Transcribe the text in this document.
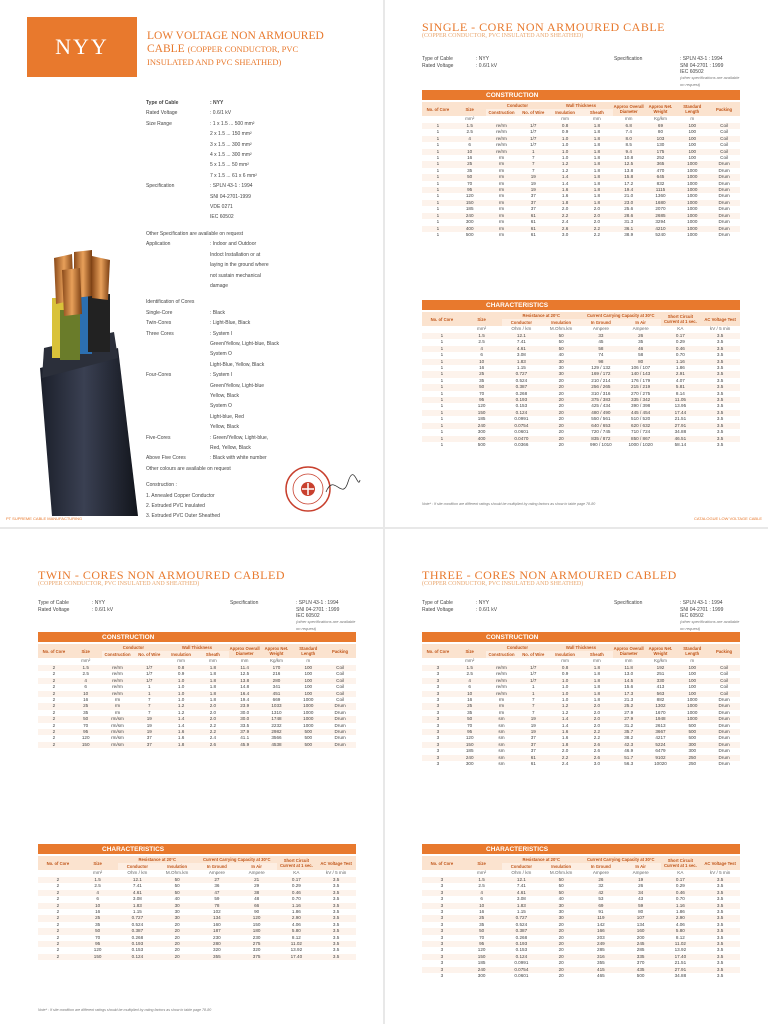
NYY	LOW VOLTAGE NON ARMOURED
CABLE (COPPER CONDUCTOR, PVC
INSULATED AND PVC SHEATHED)
Type of Cable	: NYY
Rated Voltage	: 0.6/1 kV
Size Range	: 1 x 1.5 ... 500 mm²
2 x 1.5 ... 150 mm²
3 x 1.5 ... 300 mm²
4 x 1.5 ... 300 mm²
5 x 1.5 ... 50 mm²
7 x 1.5 ... 61 x 6 mm²
Specification	: SPLN 43-1 : 1994
SNI 04-2701-1999
VDE 0271
IEC 60502
Other Specification are available on request
Application	: Indoor and Outdoor
Indoct Installation or at
laying in the ground where
not sustain mechanical
damage
Identification of Cores
Single-Core	: Black
Twin-Cores	: Light-Blue, Black
Three Cores	: System I
Green/Yellow, Light-blue, Black
System O
Light-Blue, Yellow, Black
Four-Cores	: System I
Green/Yellow, Light-blue
Yellow, Black
System O
Light-blue, Red
Yellow, Black
Five-Cores	: Green/Yellow, Light-blue,
Red, Yellow, Black
Above Five Cores	: Black with white number
Other colours are available on request
Construction :
1. Annealed Copper Conductor
2. Extruded PVC Insulated
3. Extruded PVC Outer Sheathed
PT SUPREME CABLE MANUFACTURING
SINGLE - CORE NON ARMOURED CABLE
(COPPER CONDUCTOR, PVC INSULATED AND SHEATHED)
Type of Cable	: NYY
Rated Voltage	: 0.6/1 kV
Specification	: SPLN 43-1 : 1994
SNI 04-2701 : 1999
IEC 60502
(other specifications are available on request)
CONSTRUCTION
No. of Core	Size	Conductor		Wall Thickness		Approx Overall Diameter	Approx Net. Weight	Standard Length	Packing
		Construction	No. of Wire	Insulation	Sheath				
	mm²			mm	mm	mm	Kg/km	m	
1	1.5	re/rm	1/7	0.8	1.8	6.8	69	100	Coil
1	2.5	re/rm	1/7	0.9	1.8	7.4	80	100	Coil
1	4	re/rm	1/7	1.0	1.8	8.0	103	100	Coil
1	6	re/rm	1/7	1.0	1.8	8.5	130	100	Coil
1	10	re/rm	1	1.0	1.8	9.4	175	100	Coil
1	16	rm	7	1.0	1.8	10.8	252	100	Coil
1	25	rm	7	1.2	1.8	12.5	365	1000	Drum
1	35	rm	7	1.2	1.8	13.8	470	1000	Drum
1	50	rm	19	1.4	1.8	15.8	645	1000	Drum
1	70	rm	19	1.4	1.8	17.2	832	1000	Drum
1	95	rm	19	1.6	1.8	19.4	1115	1000	Drum
1	120	rm	37	1.6	1.8	21.0	1360	1000	Drum
1	150	rm	37	1.8	1.8	23.0	1680	1000	Drum
1	185	rm	37	2.0	2.0	25.6	2070	1000	Drum
1	240	rm	61	2.2	2.0	28.6	2685	1000	Drum
1	300	rm	61	2.4	2.0	31.3	3294	1000	Drum
1	400	rm	61	2.6	2.2	36.1	4210	1000	Drum
1	500	rm	61	3.0	2.2	38.9	5240	1000	Drum
CHARACTERISTICS
No. of Core	Size	Resistance at 20°C		Current Carrying Capacity at 30°C		Short Circuit Current at 1 sec.	AC Voltage Test
		Conductor	Insulation	In Ground	In Air		
	mm²	Ohm / km	M.Ohm.km	Ampere	Ampere	KA	kV / 5 min
1	1.5	12.1	50	33	26	0.17	3.5
1	2.5	7.41	50	45	35	0.29	3.5
1	4	4.61	50	58	46	0.46	3.5
1	6	3.08	40	74	58	0.70	3.5
1	10	1.83	30	98	80	1.16	3.5
1	16	1.15	30	129 / 132	106 / 107	1.86	3.5
1	25	0.727	30	169 / 172	140 / 143	2.91	3.5
1	35	0.524	20	210 / 214	176 / 179	4.07	3.5
1	50	0.387	20	256 / 265	215 / 219	5.81	3.5
1	70	0.268	20	310 / 316	270 / 275	8.14	3.5
1	95	0.193	20	375 / 383	335 / 342	11.05	3.5
1	120	0.153	20	425 / 434	390 / 398	13.95	3.5
1	150	0.124	20	480 / 490	445 / 454	17.44	3.5
1	185	0.0991	20	550 / 561	510 / 520	21.51	3.5
1	240	0.0754	20	640 / 653	620 / 632	27.91	3.5
1	300	0.0601	20	720 / 745	710 / 724	34.88	3.5
1	400	0.0470	20	835 / 872	850 / 867	46.51	3.5
1	500	0.0366	20	990 / 1010	1000 / 1020	58.14	3.5
Note* : If site condition are different ratings should be multiplied by rating factors as show in table page 78-80
CATALOGUE LOW VOLTAGE CABLE
TWIN - CORES NON ARMOURED CABLED
(COPPER CONDUCTOR, PVC INSULATED AND SHEATHED)
Type of Cable	: NYY
Rated Voltage	: 0.6/1 kV
Specification	: SPLN 43-1 : 1994
SNI 04-2701 : 1999
IEC 60502
(other specifications are available on request)
CONSTRUCTION
No. of Core	Size	Conductor		Wall Thickness		Approx Overall Diameter	Approx Net. Weight	Standard Length	Packing
		Construction	No. of Wire	Insulation	Sheath				
	mm²			mm	mm	mm	Kg/km	m	
2	1.5	re/rm	1/7	0.8	1.8	11.4	170	100	Coil
2	2.5	re/rm	1/7	0.9	1.8	12.5	216	100	Coil
2	4	re/rm	1/7	1.0	1.8	13.8	280	100	Coil
2	6	re/rm	1	1.0	1.8	14.8	341	100	Coil
2	10	re/rm	1	1.0	1.8	16.4	451	100	Coil
2	16	rm	7	1.0	1.8	19.4	669	1000	Coil
2	25	rm	7	1.2	2.0	23.9	1033	1000	Drum
2	35	rm	7	1.2	2.0	30.0	1310	1000	Drum
2	50	rm/sm	19	1.4	2.0	30.0	1748	1000	Drum
2	70	rm/sm	19	1.4	2.2	33.5	2232	1000	Drum
2	95	rm/sm	19	1.6	2.2	37.9	2982	500	Drum
2	120	rm/sm	37	1.6	2.4	41.1	3566	500	Drum
2	150	rm/sm	37	1.8	2.6	45.9	4538	500	Drum
CHARACTERISTICS
No. of Core	Size	Resistance at 20°C		Current Carrying Capacity at 30°C		Short Circuit Current at 1 sec.	AC Voltage Test
		Conductor	Insulation	In Ground	In Air		
	mm²	Ohm / km	M.Ohm.km	Ampere	Ampere	KA	kV / 5 min
2	1.5	12.1	50	27	21	0.17	3.5
2	2.5	7.41	50	36	29	0.29	3.5
2	4	4.61	50	47	38	0.46	3.5
2	6	3.08	40	59	48	0.70	3.5
2	10	1.83	30	78	66	1.16	3.5
2	16	1.15	30	102	90	1.86	3.5
2	25	0.727	30	134	120	2.90	3.5
2	35	0.524	20	160	150	4.06	3.5
2	50	0.387	20	187	180	5.80	3.5
2	70	0.268	20	230	230	8.12	3.5
2	95	0.193	20	280	275	11.02	3.5
2	120	0.153	20	320	320	13.92	3.5
2	150	0.124	20	355	375	17.40	3.5
Note* : If site condition are different ratings should be multiplied by rating factors as show in table page 78-80
THREE - CORES NON ARMOURED CABLED
(COPPER CONDUCTOR, PVC INSULATED AND SHEATHED)
Type of Cable	: NYY
Rated Voltage	: 0.6/1 kV
Specification	: SPLN 43-1 : 1994
SNI 04-2701 : 1999
IEC 60502
(other specifications are available on request)
CONSTRUCTION
No. of Core	Size	Conductor		Wall Thickness		Approx Overall Diameter	Approx Net. Weight	Standard Length	Packing
		Construction	No. of Wire	Insulation	Sheath				
	mm²			mm	mm	mm	Kg/km	m	
3	1.5	re/rm	1/7	0.8	1.8	11.8	192	100	Coil
3	2.5	re/rm	1/7	0.9	1.8	13.0	251	100	Coil
3	4	re/rm	1/7	1.0	1.8	14.5	330	100	Coil
3	6	re/rm	1	1.0	1.8	15.6	413	100	Coil
3	10	re/rm	1	1.0	1.8	17.3	563	100	Coil
3	16	rm	7	1.0	1.8	21.3	882	1000	Drum
3	25	rm	7	1.2	2.0	25.2	1302	1000	Drum
3	35	rm	7	1.2	2.0	27.9	1670	1000	Drum
3	50	sm	19	1.4	2.0	27.9	1948	1000	Drum
3	70	sm	19	1.4	2.0	31.2	2613	500	Drum
3	95	sm	19	1.6	2.2	35.7	3667	500	Drum
3	120	sm	37	1.6	2.2	38.2	4217	500	Drum
3	150	sm	37	1.8	2.6	42.3	5224	300	Drum
3	185	sm	37	2.0	2.6	46.9	6479	300	Drum
3	240	sm	61	2.2	2.6	51.7	9102	250	Drum
3	300	sm	61	2.4	3.0	56.3	10020	250	Drum
CHARACTERISTICS
No. of Core	Size	Resistance at 20°C		Current Carrying Capacity at 30°C		Short Circuit Current at 1 sec.	AC Voltage Test
		Conductor	Insulation	In Ground	In Air		
	mm²	Ohm / km	M.Ohm.km	Ampere	Ampere	KA	kV / 5 min
3	1.5	12.1	50	26	19	0.17	3.5
3	2.5	7.41	50	32	26	0.29	3.5
3	4	4.61	50	42	34	0.46	3.5
3	6	3.08	40	53	43	0.70	3.5
3	10	1.83	30	69	59	1.16	3.5
3	16	1.15	30	91	80	1.86	3.5
3	25	0.727	30	119	107	2.90	3.5
3	35	0.524	20	142	134	4.06	3.5
3	50	0.387	20	166	160	5.80	3.5
3	70	0.268	20	203	200	8.12	3.5
3	95	0.193	20	249	245	11.02	3.5
3	120	0.153	20	285	285	13.92	3.5
3	150	0.124	20	316	335	17.40	3.5
3	185	0.0991	20	355	370	21.51	3.5
3	240	0.0754	20	415	435	27.91	3.5
3	300	0.0601	20	465	500	34.88	3.5
